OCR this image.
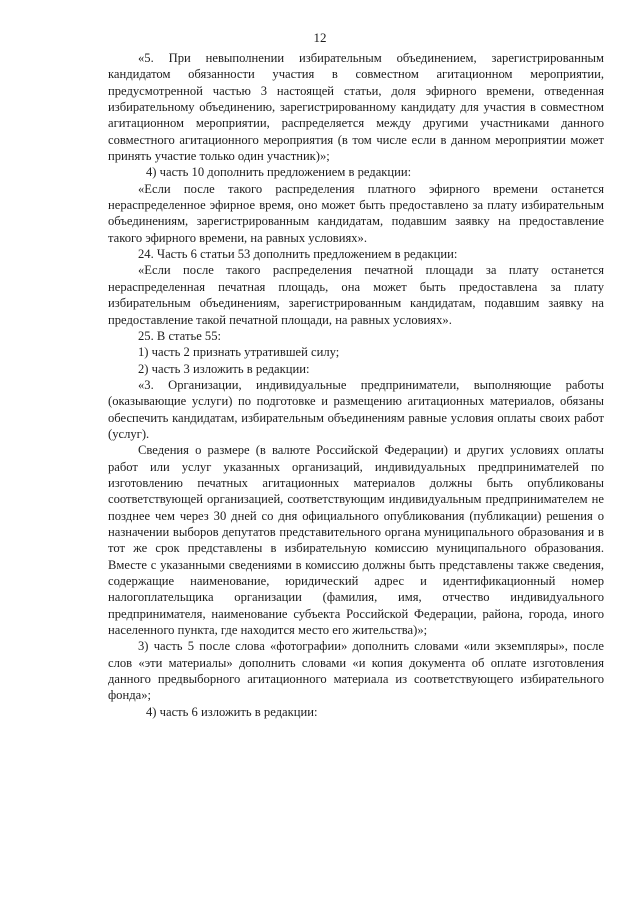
12

«5. При невыполнении избирательным объединением, зарегистрированным кандидатом обязанности участия в совместном агитационном мероприятии, предусмотренной частью 3 настоящей статьи, доля эфирного времени, отведенная избирательному объединению, зарегистрированному кандидату для участия в совместном агитационном мероприятии, распределяется между другими участниками данного совместного агитационного мероприятия (в том числе если в данном мероприятии может принять участие только один участник)»;

4) часть 10 дополнить предложением в редакции:

«Если после такого распределения платного эфирного времени останется нераспределенное эфирное время, оно может быть предоставлено за плату избирательным объединениям, зарегистрированным кандидатам, подавшим заявку на предоставление такого эфирного времени, на равных условиях».

24. Часть 6 статьи 53 дополнить предложением в редакции:

«Если после такого распределения печатной площади за плату останется нераспределенная печатная площадь, она может быть предоставлена за плату избирательным объединениям, зарегистрированным кандидатам, подавшим заявку на предоставление такой печатной площади, на равных условиях».

25. В статье 55:

1) часть 2 признать утратившей силу;

2) часть 3 изложить в редакции:

«3. Организации, индивидуальные предприниматели, выполняющие работы (оказывающие услуги) по подготовке и размещению агитационных материалов, обязаны обеспечить кандидатам, избирательным объединениям равные условия оплаты своих работ (услуг).

Сведения о размере (в валюте Российской Федерации) и других условиях оплаты работ или услуг указанных организаций, индивидуальных предпринимателей по изготовлению печатных агитационных материалов должны быть опубликованы соответствующей организацией, соответствующим индивидуальным предпринимателем не позднее чем через 30 дней со дня официального опубликования (публикации) решения о назначении выборов депутатов представительного органа муниципального образования и в тот же срок представлены в избирательную комиссию муниципального образования. Вместе с указанными сведениями в комиссию должны быть представлены также сведения, содержащие наименование, юридический адрес и идентификационный номер налогоплательщика организации (фамилия, имя, отчество индивидуального предпринимателя, наименование субъекта Российской Федерации, района, города, иного населенного пункта, где находится место его жительства)»;

3) часть 5 после слова «фотографии» дополнить словами «или экземпляры», после слов «эти материалы» дополнить словами «и копия документа об оплате изготовления данного предвыборного агитационного материала из соответствующего избирательного фонда»;

4) часть 6 изложить в редакции:
